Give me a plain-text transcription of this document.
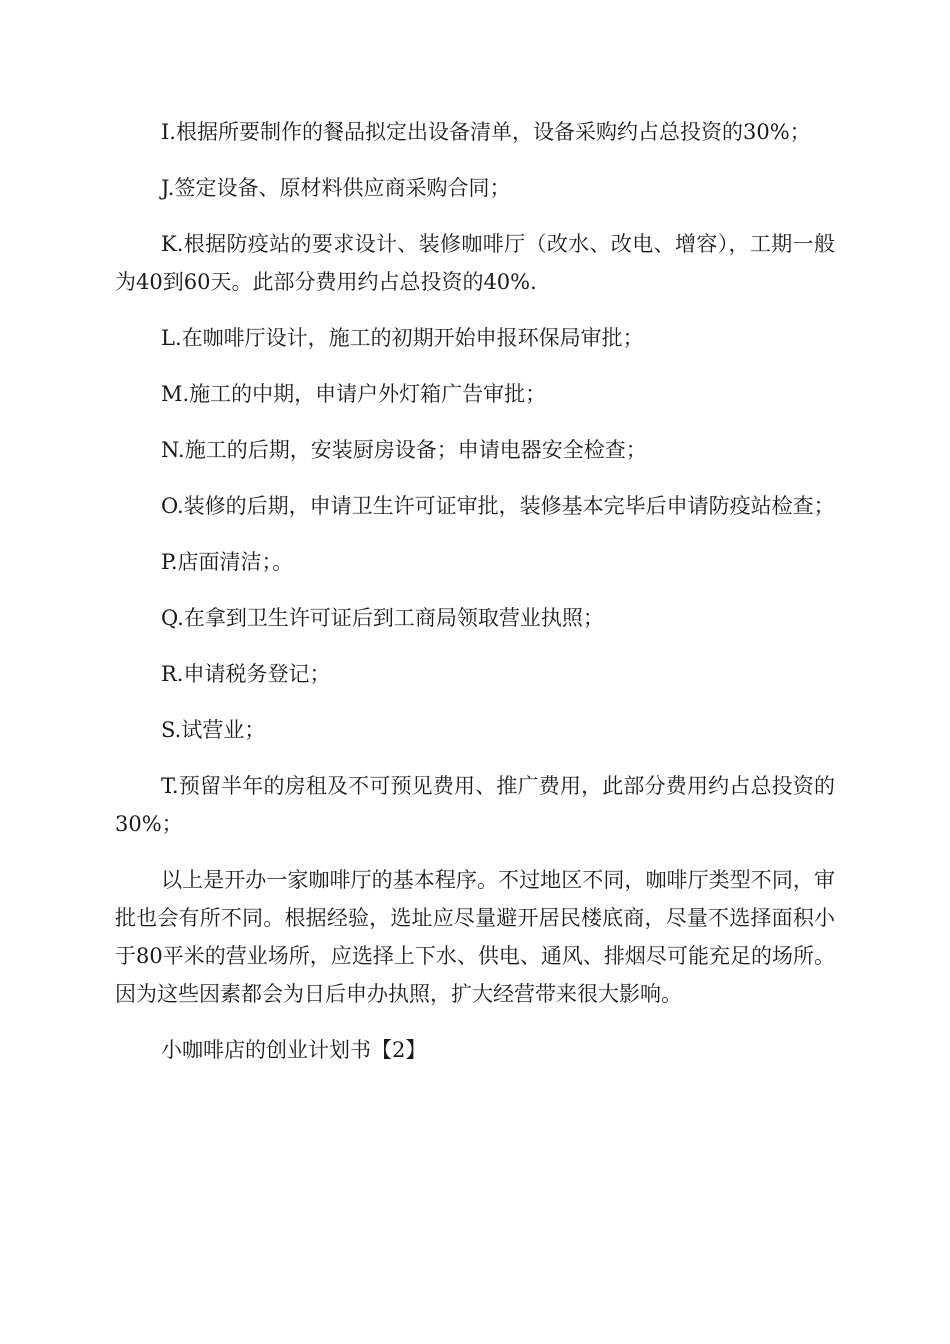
I.根据所要制作的餐品拟定出设备清单，设备采购约占总投资的30%；

J.签定设备、原材料供应商采购合同；

K.根据防疫站的要求设计、装修咖啡厅（改水、改电、增容），工期一般为40到60天。此部分费用约占总投资的40%.

L.在咖啡厅设计，施工的初期开始申报环保局审批；

M.施工的中期，申请户外灯箱广告审批；

N.施工的后期，安装厨房设备；申请电器安全检查；

O.装修的后期，申请卫生许可证审批，装修基本完毕后申请防疫站检查；

P.店面清洁；。

Q.在拿到卫生许可证后到工商局领取营业执照；

R.申请税务登记；

S.试营业；

T.预留半年的房租及不可预见费用、推广费用，此部分费用约占总投资的30%；

以上是开办一家咖啡厅的基本程序。不过地区不同，咖啡厅类型不同，审批也会有所不同。根据经验，选址应尽量避开居民楼底商，尽量不选择面积小于80平米的营业场所，应选择上下水、供电、通风、排烟尽可能充足的场所。因为这些因素都会为日后申办执照，扩大经营带来很大影响。

小咖啡店的创业计划书【2】
